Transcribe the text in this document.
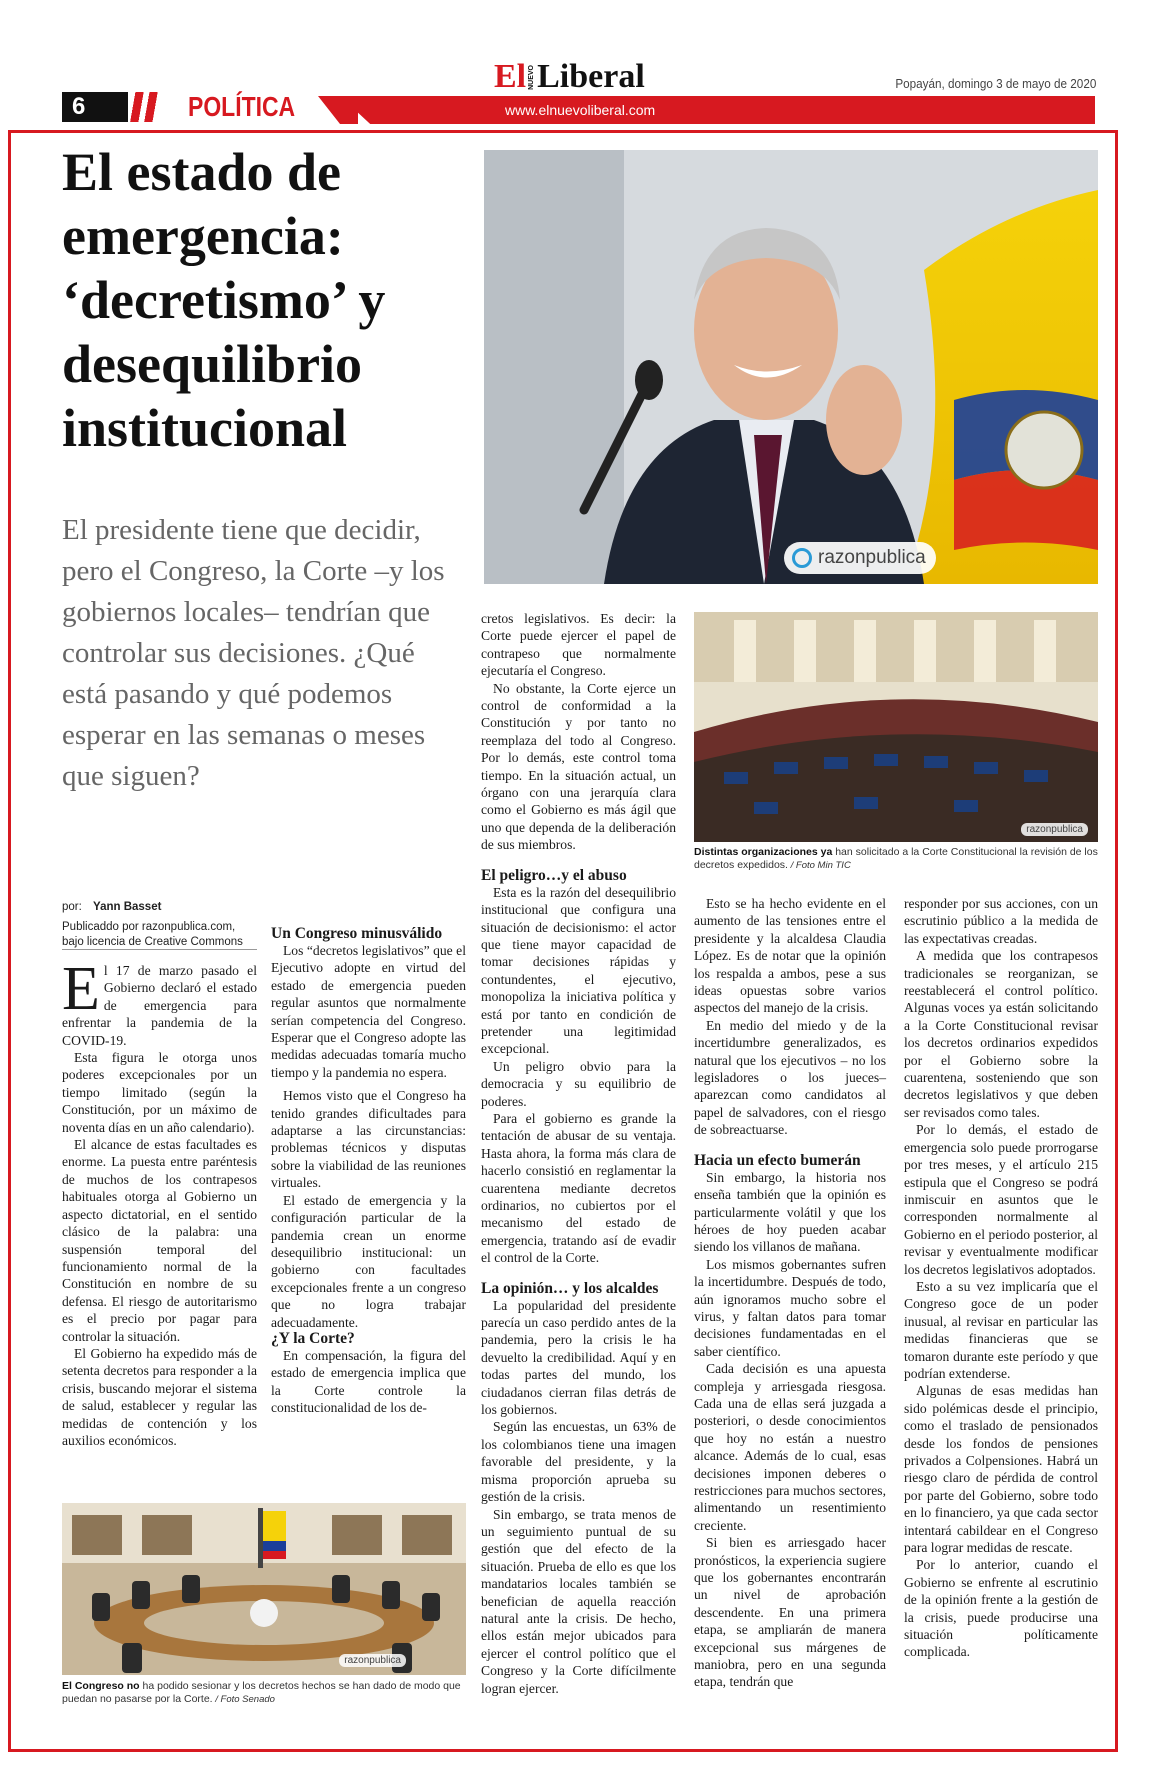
6	POLÍTICA	www.elnuevoliberal.com
El NUEVO Liberal	Popayán, domingo 3 de mayo de 2020
El estado de emergencia: ‘decretismo’ y desequilibrio institucional
El presidente tiene que decidir, pero el Congreso, la Corte –y los gobiernos locales– tendrían que controlar sus decisiones. ¿Qué está pasando y qué podemos esperar en las semanas o meses que siguen?
por: Yann Basset
Publicaddo por razonpublica.com, bajo licencia de Creative Commons
razonpublica
razonpublica
Distintas organizaciones ya han solicitado a la Corte Constitucional la revisión de los decretos expedidos. / Foto Min TIC
razonpublica
El Congreso no ha podido sesionar y los decretos hechos se han dado de modo que puedan no pasarse por la Corte. / Foto Senado
E l 17 de marzo pasado el Gobierno declaró el estado de emergencia para enfrentar la pandemia de la COVID-19.

Esta figura le otorga unos poderes excepcionales por un tiempo limitado (según la Constitución, por un máximo de noventa días en un año calendario).

El alcance de estas facultades es enorme. La puesta entre paréntesis de muchos de los contrapesos habituales otorga al Gobierno un aspecto dictatorial, en el sentido clásico de la palabra: una suspensión temporal del funcionamiento normal de la Constitución en nombre de su defensa. El riesgo de autoritarismo es el precio por pagar para controlar la situación.

El Gobierno ha expedido más de setenta decretos para responder a la crisis, buscando mejorar el sistema de salud, establecer y regular las medidas de contención y los auxilios económicos.

Un Congreso minusválido

Los “decretos legislativos” que el Ejecutivo adopte en virtud del estado de emergencia pueden regular asuntos que normalmente serían competencia del Congreso. Esperar que el Congreso adopte las medidas adecuadas tomaría mucho tiempo y la pandemia no espera.

Hemos visto que el Congreso ha tenido grandes dificultades para adaptarse a las circunstancias: problemas técnicos y disputas sobre la viabilidad de las reuniones virtuales.

El estado de emergencia y la configuración particular de la pandemia crean un enorme desequilibrio institucional: un gobierno con facultades excepcionales frente a un congreso que no logra trabajar adecuadamente.

¿Y la Corte?

En compensación, la figura del estado de emergencia implica que la Corte controle la constitucionalidad de los de-

cretos legislativos. Es decir: la Corte puede ejercer el papel de contrapeso que normalmente ejecutaría el Congreso.

No obstante, la Corte ejerce un control de conformidad a la Constitución y por tanto no reemplaza del todo al Congreso. Por lo demás, este control toma tiempo. En la situación actual, un órgano con una jerarquía clara como el Gobierno es más ágil que uno que dependa de la deliberación de sus miembros.

El peligro…y el abuso

Esta es la razón del desequilibrio institucional que configura una situación de decisionismo: el actor que tiene mayor capacidad de tomar decisiones rápidas y contundentes, el ejecutivo, monopoliza la iniciativa política y está por tanto en condición de pretender una legitimidad excepcional.

Un peligro obvio para la democracia y su equilibrio de poderes.

Para el gobierno es grande la tentación de abusar de su ventaja. Hasta ahora, la forma más clara de hacerlo consistió en reglamentar la cuarentena mediante decretos ordinarios, no cubiertos por el mecanismo del estado de emergencia, tratando así de evadir el control de la Corte.

La opinión… y los alcaldes

La popularidad del presidente parecía un caso perdido antes de la pandemia, pero la crisis le ha devuelto la credibilidad. Aquí y en todas partes del mundo, los ciudadanos cierran filas detrás de los gobiernos.

Según las encuestas, un 63% de los colombianos tiene una imagen favorable del presidente, y la misma proporción aprueba su gestión de la crisis.

Sin embargo, se trata menos de un seguimiento puntual de su gestión que del efecto de la situación. Prueba de ello es que los mandatarios locales también se benefician de aquella reacción natural ante la crisis. De hecho, ellos están mejor ubicados para ejercer el control político que el Congreso y la Corte difícilmente logran ejercer.

Esto se ha hecho evidente en el aumento de las tensiones entre el presidente y la alcaldesa Claudia López. Es de notar que la opinión los respalda a ambos, pese a sus ideas opuestas sobre varios aspectos del manejo de la crisis.

En medio del miedo y de la incertidumbre generalizados, es natural que los ejecutivos – no los legisladores o los jueces– aparezcan como candidatos al papel de salvadores, con el riesgo de sobreactuarse.

Hacia un efecto bumerán

Sin embargo, la historia nos enseña también que la opinión es particularmente volátil y que los héroes de hoy pueden acabar siendo los villanos de mañana.

Los mismos gobernantes sufren la incertidumbre. Después de todo, aún ignoramos mucho sobre el virus, y faltan datos para tomar decisiones fundamentadas en el saber científico.

Cada decisión es una apuesta compleja y arriesgada riesgosa. Cada una de ellas será juzgada a posteriori, o desde conocimientos que hoy no están a nuestro alcance. Además de lo cual, esas decisiones imponen deberes o restricciones para muchos sectores, alimentando un resentimiento creciente.

Si bien es arriesgado hacer pronósticos, la experiencia sugiere que los gobernantes encontrarán un nivel de aprobación descendente. En una primera etapa, se ampliarán de manera excepcional sus márgenes de maniobra, pero en una segunda etapa, tendrán que

responder por sus acciones, con un escrutinio público a la medida de las expectativas creadas.

A medida que los contrapesos tradicionales se reorganizan, se reestablecerá el control político. Algunas voces ya están solicitando a la Corte Constitucional revisar los decretos ordinarios expedidos por el Gobierno sobre la cuarentena, sosteniendo que son decretos legislativos y que deben ser revisados como tales.

Por lo demás, el estado de emergencia solo puede prorrogarse por tres meses, y el artículo 215 estipula que el Congreso se podrá inmiscuir en asuntos que le corresponden normalmente al Gobierno en el periodo posterior, al revisar y eventualmente modificar los decretos legislativos adoptados.

Esto a su vez implicaría que el Congreso goce de un poder inusual, al revisar en particular las medidas financieras que se tomaron durante este período y que podrían extenderse.

Algunas de esas medidas han sido polémicas desde el principio, como el traslado de pensionados desde los fondos de pensiones privados a Colpensiones. Habrá un riesgo claro de pérdida de control por parte del Gobierno, sobre todo en lo financiero, ya que cada sector intentará cabildear en el Congreso para lograr medidas de rescate.

Por lo anterior, cuando el Gobierno se enfrente al escrutinio de la opinión frente a la gestión de la crisis, puede producirse una situación políticamente complicada.
